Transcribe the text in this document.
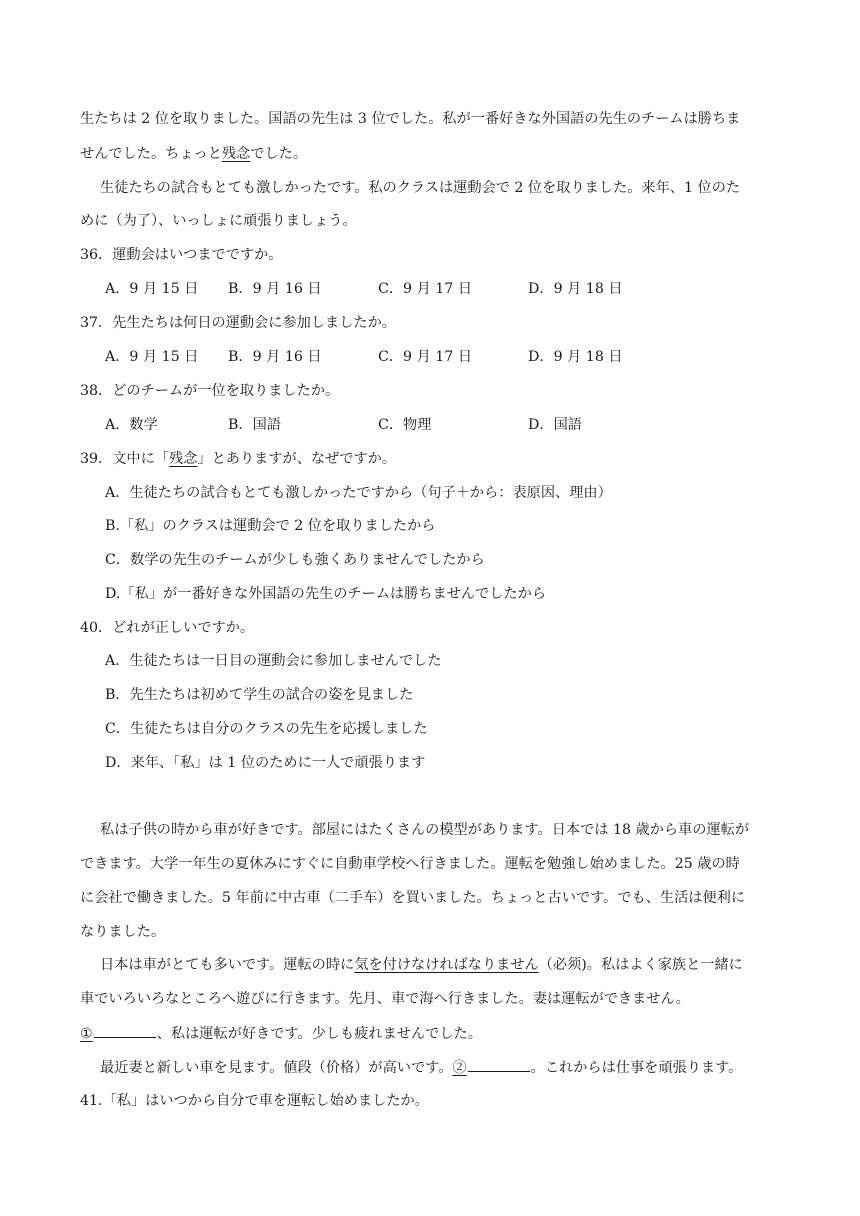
生たちは 2 位を取りました。国語の先生は 3 位でした。私が一番好きな外国語の先生のチームは勝ちま
せんでした。ちょっと残念でした。
生徒たちの試合もとても激しかったです。私のクラスは運動会で 2 位を取りました。来年、1 位のた
めに（为了）、いっしょに頑張りましょう。
36．運動会はいつまでですか。
A．9 月 15 日 B．9 月 16 日	C．9 月 17 日	D．9 月 18 日
37．先生たちは何日の運動会に参加しましたか。
A．9 月 15 日 B．9 月 16 日	C．9 月 17 日	D．9 月 18 日
38．どのチームが一位を取りましたか。
A．数学	B．国語	C．物理	D．国語
39．文中に「残念」とありますが、なぜですか。
A．生徒たちの試合もとても激しかったですから（句子＋から：表原因、理由）
B.「私」のクラスは運動会で 2 位を取りましたから
C．数学の先生のチームが少しも強くありませんでしたから
D.「私」が一番好きな外国語の先生のチームは勝ちませんでしたから
40．どれが正しいですか。
A．生徒たちは一日目の運動会に参加しませんでした
B．先生たちは初めて学生の試合の姿を見ました
C．生徒たちは自分のクラスの先生を応援しました
D．来年、「私」は 1 位のために一人で頑張ります
私は子供の時から車が好きです。部屋にはたくさんの模型があります。日本では 18 歳から車の運転が
できます。大学一年生の夏休みにすぐに自動車学校へ行きました。運転を勉強し始めました。25 歳の時
に会社で働きました。5 年前に中古車（二手车）を買いました。ちょっと古いです。でも、生活は便利に
なりました。
日本は車がとても多いです。運転の時に気を付けなければなりません（必须)。私はよく家族と一緒に
車でいろいろなところへ遊びに行きます。先月、車で海へ行きました。妻は運転ができません。
①	、私は運転が好きです。少しも疲れませんでした。
最近妻と新しい車を見ます。値段（价格）が高いです。②	。これからは仕事を頑張ります。
41.「私」はいつから自分で車を運転し始めましたか。
